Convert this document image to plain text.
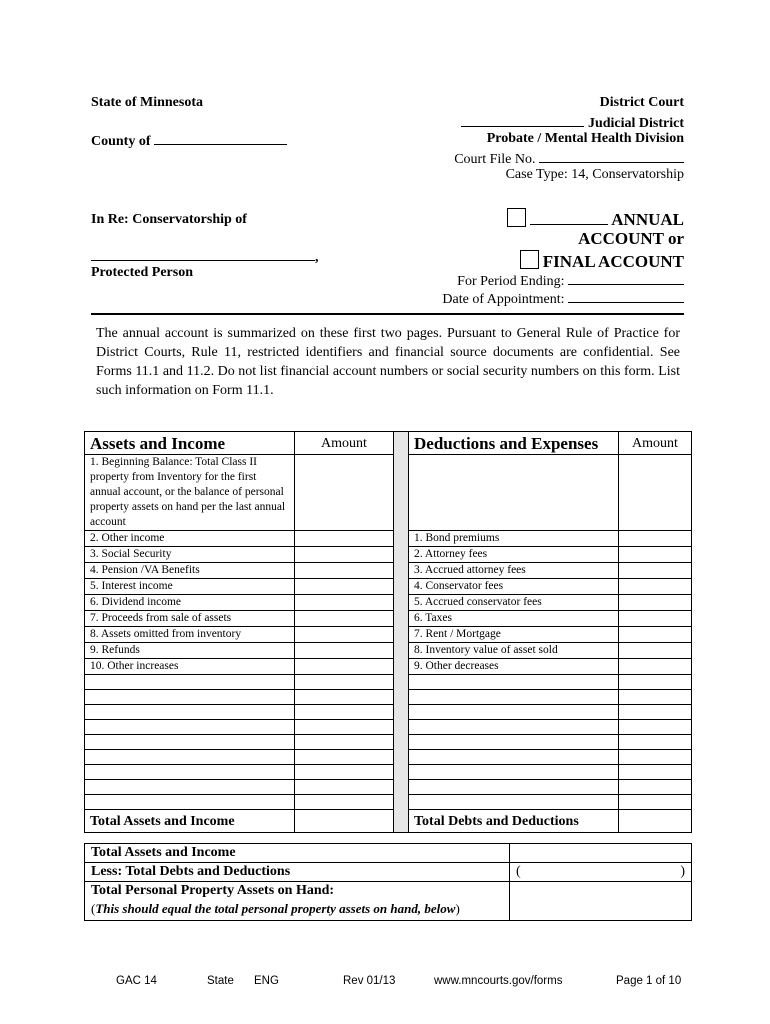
State of Minnesota
County of
District Court
Judicial District
Probate / Mental Health Division
Court File No.
Case Type: 14, Conservatorship
In Re: Conservatorship of
,
Protected Person
ANNUAL
ACCOUNT or
FINAL ACCOUNT
For Period Ending:
Date of Appointment:
The annual account is summarized on these first two pages. Pursuant to General Rule of Practice for District Courts, Rule 11, restricted identifiers and financial source documents are confidential. See Forms 11.1 and 11.2. Do not list financial account numbers or social security numbers on this form. List such information on Form 11.1.
Assets and Income	Amount		Deductions and Expenses	Amount
1. Beginning Balance: Total Class II property from Inventory for the first annual account, or the balance of personal property assets on hand per the last annual account				
2. Other income			1. Bond premiums	
3. Social Security			2. Attorney fees	
4. Pension /VA Benefits			3. Accrued attorney fees	
5. Interest income			4. Conservator fees	
6. Dividend income			5. Accrued conservator fees	
7. Proceeds from sale of assets			6. Taxes	
8. Assets omitted from inventory			7. Rent / Mortgage	
9. Refunds			8. Inventory value of asset sold	
10. Other increases			9. Other decreases	

Total Assets and Income			Total Debts and Deductions	
Total Assets and Income	
Less: Total Debts and Deductions	( )

Total Personal Property Assets on Hand:
(This should equal the total personal property assets on hand, below)	

GAC 14	State ENG	Rev 01/13	www.mncourts.gov/forms	Page 1 of 10
